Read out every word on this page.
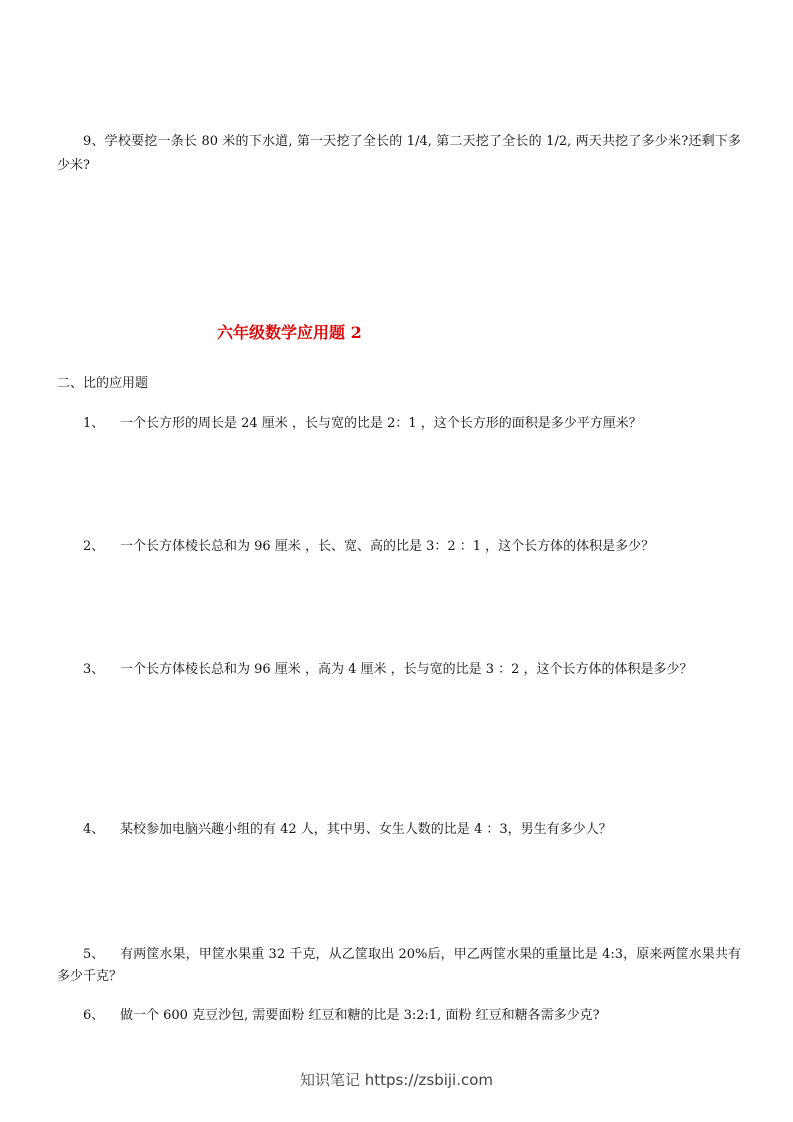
9、学校要挖一条长 80 米的下水道, 第一天挖了全长的 1/4, 第二天挖了全长的 1/2, 两天共挖了多少米?还剩下多少米?
六年级数学应用题 2
二、比的应用题
1、 一个长方形的周长是 24 厘米 ，长与宽的比是 2：1 ，这个长方形的面积是多少平方厘米？
2、 一个长方体棱长总和为 96 厘米 ，长、宽、高的比是 3：2 ：1 ，这个长方体的体积是多少？
3、 一个长方体棱长总和为 96 厘米 ，高为 4 厘米 ，长与宽的比是 3 ：2 ，这个长方体的体积是多少？
4、 某校参加电脑兴趣小组的有 42 人，其中男、女生人数的比是 4 ：3，男生有多少人？
5、 有两筐水果，甲筐水果重 32 千克，从乙筐取出 20%后，甲乙两筐水果的重量比是 4:3，原来两筐水果共有多少千克？
6、 做一个 600 克豆沙包, 需要面粉 红豆和糖的比是 3:2:1, 面粉 红豆和糖各需多少克?
知识笔记 https://zsbiji.com
